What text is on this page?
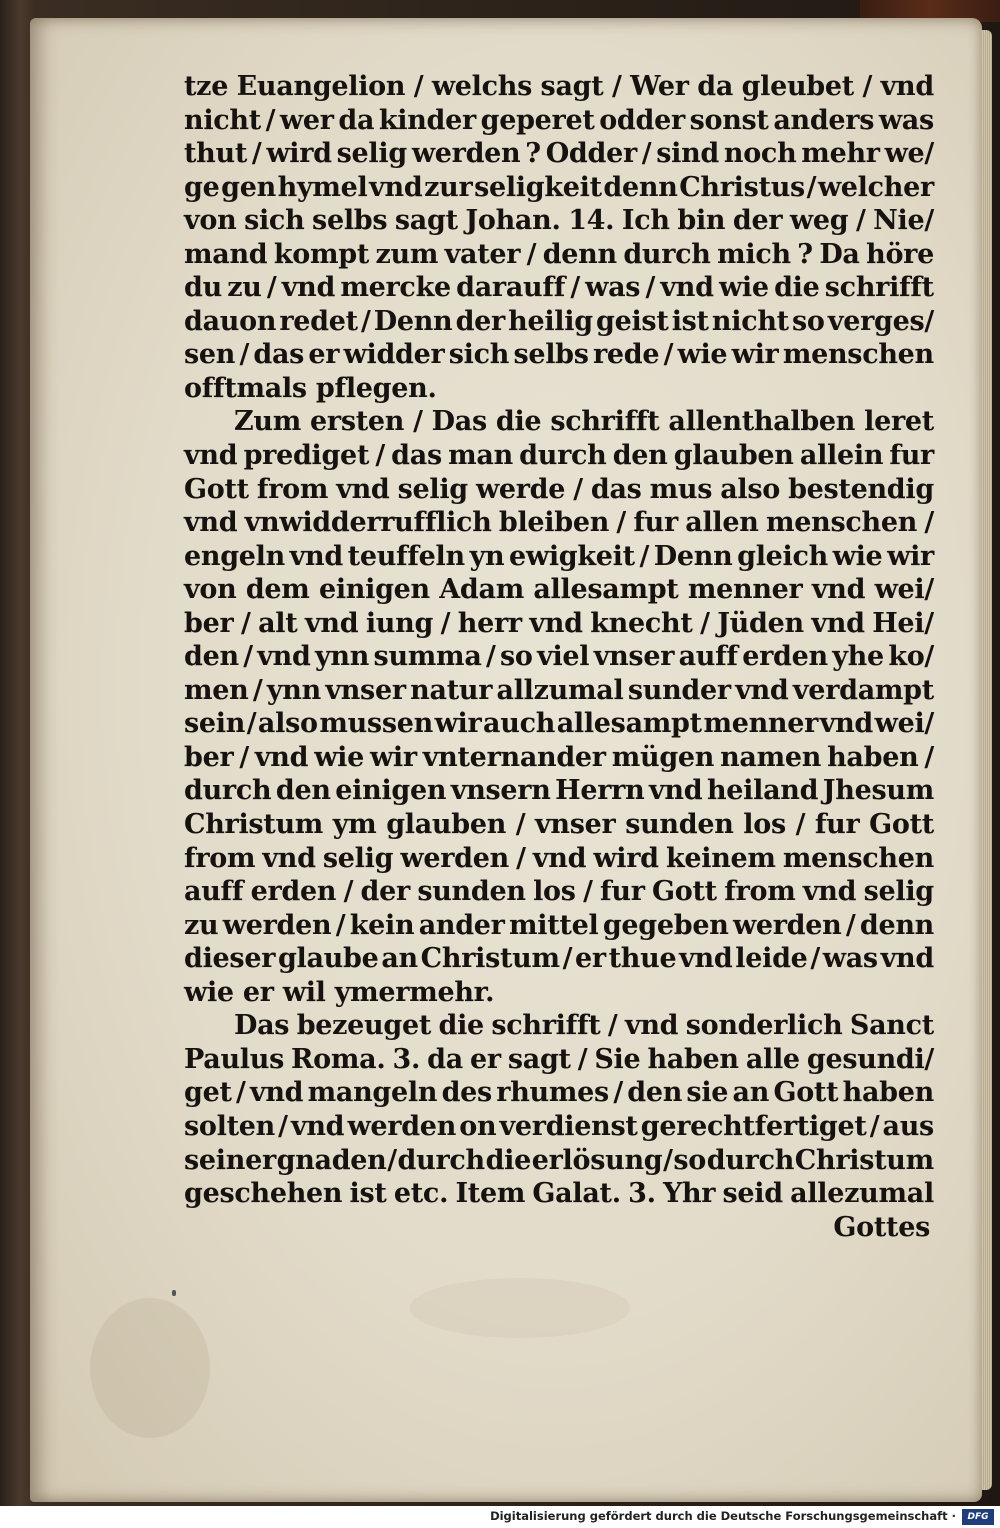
tze Euangelion / welchs sagt / Wer da gleubet / vnd
nicht / wer da kinder geperet odder sonst anders was
thut / wird selig werden ? Odder / sind noch mehr we/
ge gen hymel vnd zur seligkeit denn Christus / welcher
von sich selbs sagt Johan. 14. Ich bin der weg / Nie/
mand kompt zum vater / denn durch mich ? Da höre
du zu / vnd mercke darauff / was / vnd wie die schrifft
dauon redet / Denn der heilig geist ist nicht so verges/
sen / das er widder sich selbs rede / wie wir menschen
offtmals pflegen.
Zum ersten / Das die schrifft allenthalben leret
vnd prediget / das man durch den glauben allein fur
Gott from vnd selig werde / das mus also bestendig
vnd vnwidderrufflich bleiben / fur allen menschen /
engeln vnd teuffeln yn ewigkeit / Denn gleich wie wir
von dem einigen Adam allesampt menner vnd wei/
ber / alt vnd iung / herr vnd knecht / Jüden vnd Hei/
den / vnd ynn summa / so viel vnser auff erden yhe ko/
men / ynn vnser natur allzumal sunder vnd verdampt
sein / also mussen wir auch allesampt menner vnd wei/
ber / vnd wie wir vnternander mügen namen haben /
durch den einigen vnsern Herrn vnd heiland Jhesum
Christum ym glauben / vnser sunden los / fur Gott
from vnd selig werden / vnd wird keinem menschen
auff erden / der sunden los / fur Gott from vnd selig
zu werden / kein ander mittel gegeben werden / denn
dieser glaube an Christum / er thue vnd leide / was vnd
wie er wil ymermehr.
Das bezeuget die schrifft / vnd sonderlich Sanct
Paulus Roma. 3. da er sagt / Sie haben alle gesundi/
get / vnd mangeln des rhumes / den sie an Gott haben
solten / vnd werden on verdienst gerechtfertiget / aus
seiner gnaden / durch die erlösung / so durch Christum
geschehen ist etc. Item Galat. 3. Yhr seid allezumal
Gottes
Digitalisierung gefördert durch die Deutsche Forschungsgemeinschaft ·	DFG
